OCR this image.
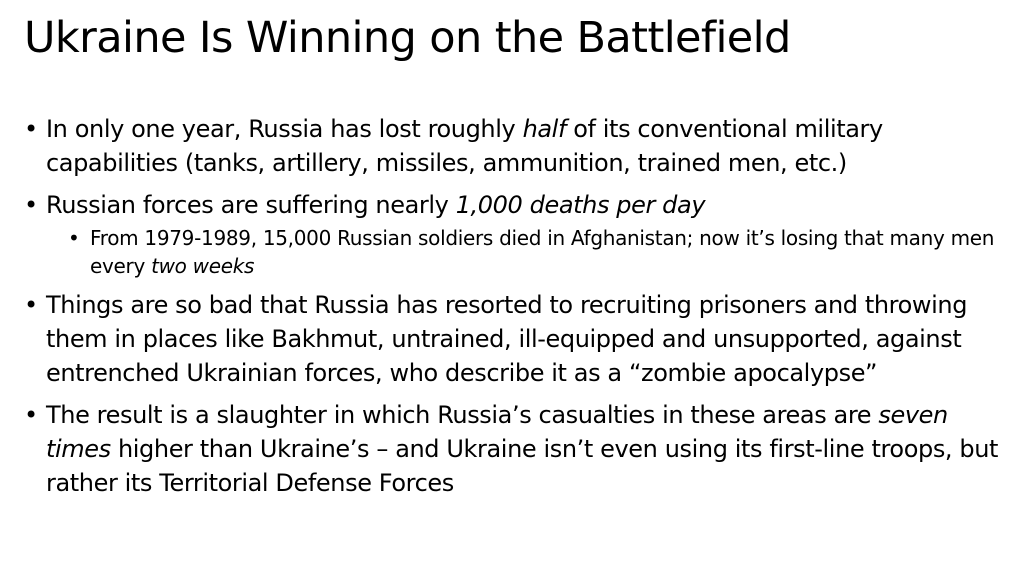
Ukraine Is Winning on the Battlefield
• In only one year, Russia has lost roughly half of its conventional military capabilities (tanks, artillery, missiles, ammunition, trained men, etc.)
• Russian forces are suffering nearly 1,000 deaths per day
• From 1979-1989, 15,000 Russian soldiers died in Afghanistan; now it’s losing that many men every two weeks
• Things are so bad that Russia has resorted to recruiting prisoners and throwing them in places like Bakhmut, untrained, ill-equipped and unsupported, against entrenched Ukrainian forces, who describe it as a “zombie apocalypse”
• The result is a slaughter in which Russia’s casualties in these areas are seven times higher than Ukraine’s – and Ukraine isn’t even using its first-line troops, but rather its Territorial Defense Forces
